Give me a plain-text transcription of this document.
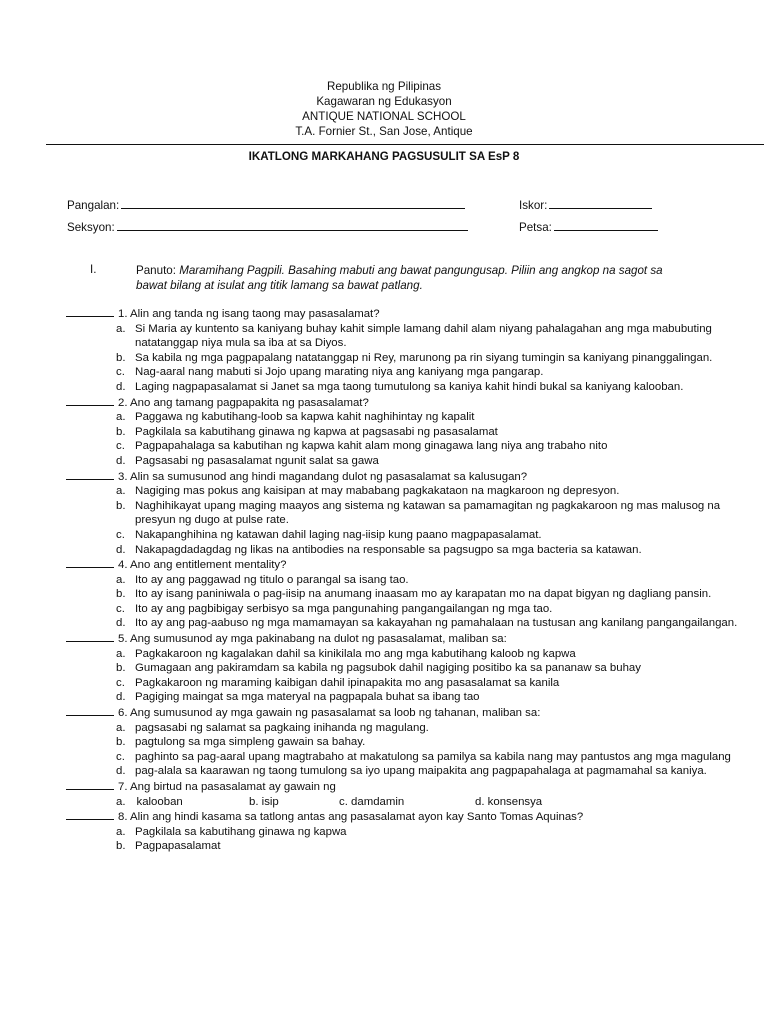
Republika ng Pilipinas
Kagawaran ng Edukasyon
ANTIQUE NATIONAL SCHOOL
T.A. Fornier St., San Jose, Antique
IKATLONG MARKAHANG PAGSUSULIT SA EsP 8
Pangalan:	Iskor:
Seksyon:	Petsa:
I.	Panuto: Maramihang Pagpili. Basahing mabuti ang bawat pangungusap. Piliin ang angkop na sagot sa bawat bilang at isulat ang titik lamang sa bawat patlang.
1. Alin ang tanda ng isang taong may pasasalamat?
a. Si Maria ay kuntento sa kaniyang buhay kahit simple lamang dahil alam niyang pahalagahan ang mga mabubuting natatanggap niya mula sa iba at sa Diyos.
b. Sa kabila ng mga pagpapalang natatanggap ni Rey, marunong pa rin siyang tumingin sa kaniyang pinanggalingan.
c. Nag-aaral nang mabuti si Jojo upang marating niya ang kaniyang mga pangarap.
d. Laging nagpapasalamat si Janet sa mga taong tumutulong sa kaniya kahit hindi bukal sa kaniyang kalooban.
2. Ano ang tamang pagpapakita ng pasasalamat?
a. Paggawa ng kabutihang-loob sa kapwa kahit naghihintay ng kapalit
b. Pagkilala sa kabutihang ginawa ng kapwa at pagsasabi ng pasasalamat
c. Pagpapahalaga sa kabutihan ng kapwa kahit alam mong ginagawa lang niya ang trabaho nito
d. Pagsasabi ng pasasalamat ngunit salat sa gawa
3. Alin sa sumusunod ang hindi magandang dulot ng pasasalamat sa kalusugan?
a. Nagiging mas pokus ang kaisipan at may mababang pagkakataon na magkaroon ng depresyon.
b. Naghihikayat upang maging maayos ang sistema ng katawan sa pamamagitan ng pagkakaroon ng mas malusog na presyun ng dugo at pulse rate.
c. Nakapanghihina ng katawan dahil laging nag-iisip kung paano magpapasalamat.
d. Nakapagdadagdag ng likas na antibodies na responsable sa pagsugpo sa mga bacteria sa katawan.
4. Ano ang entitlement mentality?
a. Ito ay ang paggawad ng titulo o parangal sa isang tao.
b. Ito ay isang paniniwala o pag-iisip na anumang inaasam mo ay karapatan mo na dapat bigyan ng dagliang pansin.
c. Ito ay ang pagbibigay serbisyo sa mga pangunahing pangangailangan ng mga tao.
d. Ito ay ang pag-aabuso ng mga mamamayan sa kakayahan ng pamahalaan na tustusan ang kanilang pangangailangan.
5. Ang sumusunod ay mga pakinabang na dulot ng pasasalamat, maliban sa:
a. Pagkakaroon ng kagalakan dahil sa kinikilala mo ang mga kabutihang kaloob ng kapwa
b. Gumagaan ang pakiramdam sa kabila ng pagsubok dahil nagiging positibo ka sa pananaw sa buhay
c. Pagkakaroon ng maraming kaibigan dahil ipinapakita mo ang pasasalamat sa kanila
d. Pagiging maingat sa mga materyal na pagpapala buhat sa ibang tao
6. Ang sumusunod ay mga gawain ng pasasalamat sa loob ng tahanan, maliban sa:
a. pagsasabi ng salamat sa pagkaing inihanda ng magulang.
b. pagtulong sa mga simpleng gawain sa bahay.
c. paghinto sa pag-aaral upang magtrabaho at makatulong sa pamilya sa kabila nang may pantustos ang mga magulang
d. pag-alala sa kaarawan ng taong tumulong sa iyo upang maipakita ang pagpapahalaga at pagmamahal sa kaniya.
7. Ang birtud na pasasalamat ay gawain ng
a. kalooban	b. isip	c. damdamin	d. konsensya
8. Alin ang hindi kasama sa tatlong antas ang pasasalamat ayon kay Santo Tomas Aquinas?
a. Pagkilala sa kabutihang ginawa ng kapwa
b. Pagpapasalamat
